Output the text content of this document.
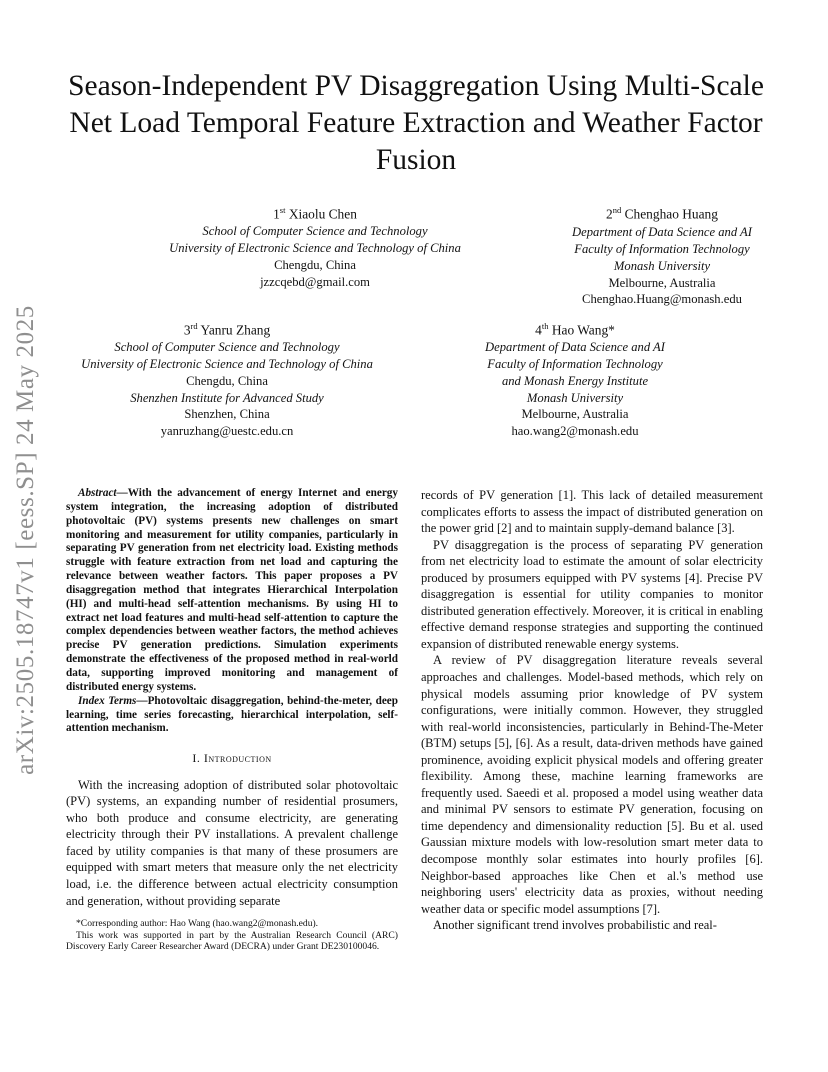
arXiv:2505.18747v1 [eess.SP] 24 May 2025
Season-Independent PV Disaggregation Using Multi-Scale Net Load Temporal Feature Extraction and Weather Factor Fusion
1st Xiaolu Chen
School of Computer Science and Technology
University of Electronic Science and Technology of China
Chengdu, China
jzzcqebd@gmail.com
2nd Chenghao Huang
Department of Data Science and AI
Faculty of Information Technology
Monash University
Melbourne, Australia
Chenghao.Huang@monash.edu
3rd Yanru Zhang
School of Computer Science and Technology
University of Electronic Science and Technology of China
Chengdu, China
Shenzhen Institute for Advanced Study
Shenzhen, China
yanruzhang@uestc.edu.cn
4th Hao Wang*
Department of Data Science and AI
Faculty of Information Technology
and Monash Energy Institute
Monash University
Melbourne, Australia
hao.wang2@monash.edu

Abstract—With the advancement of energy Internet and energy system integration, the increasing adoption of distributed photovoltaic (PV) systems presents new challenges on smart monitoring and measurement for utility companies, particularly in separating PV generation from net electricity load. Existing methods struggle with feature extraction from net load and capturing the relevance between weather factors. This paper proposes a PV disaggregation method that integrates Hierarchical Interpolation (HI) and multi-head self-attention mechanisms. By using HI to extract net load features and multi-head self-attention to capture the complex dependencies between weather factors, the method achieves precise PV generation predictions. Simulation experiments demonstrate the effectiveness of the proposed method in real-world data, supporting improved monitoring and management of distributed energy systems.

Index Terms—Photovoltaic disaggregation, behind-the-meter, deep learning, time series forecasting, hierarchical interpolation, self-attention mechanism.

I. Introduction

With the increasing adoption of distributed solar photovoltaic (PV) systems, an expanding number of residential prosumers, who both produce and consume electricity, are generating electricity through their PV installations. A prevalent challenge faced by utility companies is that many of these prosumers are equipped with smart meters that measure only the net electricity load, i.e. the difference between actual electricity consumption and generation, without providing separate

*Corresponding author: Hao Wang (hao.wang2@monash.edu).

This work was supported in part by the Australian Research Council (ARC) Discovery Early Career Researcher Award (DECRA) under Grant DE230100046.

records of PV generation [1]. This lack of detailed measurement complicates efforts to assess the impact of distributed generation on the power grid [2] and to maintain supply-demand balance [3].

PV disaggregation is the process of separating PV generation from net electricity load to estimate the amount of solar electricity produced by prosumers equipped with PV systems [4]. Precise PV disaggregation is essential for utility companies to monitor distributed generation effectively. Moreover, it is critical in enabling effective demand response strategies and supporting the continued expansion of distributed renewable energy systems.

A review of PV disaggregation literature reveals several approaches and challenges. Model-based methods, which rely on physical models assuming prior knowledge of PV system configurations, were initially common. However, they struggled with real-world inconsistencies, particularly in Behind-The-Meter (BTM) setups [5], [6]. As a result, data-driven methods have gained prominence, avoiding explicit physical models and offering greater flexibility. Among these, machine learning frameworks are frequently used. Saeedi et al. proposed a model using weather data and minimal PV sensors to estimate PV generation, focusing on time dependency and dimensionality reduction [5]. Bu et al. used Gaussian mixture models with low-resolution smart meter data to decompose monthly solar estimates into hourly profiles [6]. Neighbor-based approaches like Chen et al.'s method use neighboring users' electricity data as proxies, without needing weather data or specific model assumptions [7].

Another significant trend involves probabilistic and real-
